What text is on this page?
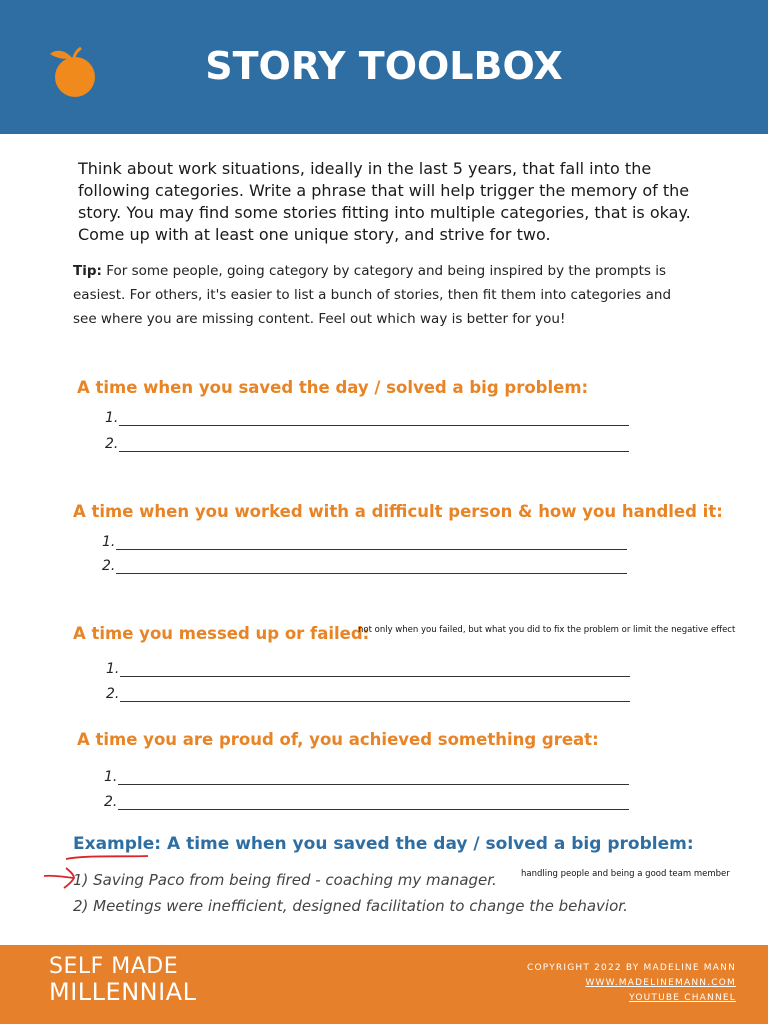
STORY TOOLBOX
Think about work situations, ideally in the last 5 years, that fall into the following categories. Write a phrase that will help trigger the memory of the story. You may find some stories fitting into multiple categories, that is okay. Come up with at least one unique story, and strive for two.
Tip: For some people, going category by category and being inspired by the prompts is easiest. For others, it's easier to list a bunch of stories, then fit them into categories and see where you are missing content. Feel out which way is better for you!
A time when you saved the day / solved a big problem:
1.
2.
A time when you worked with a difficult person & how you handled it:
1.
2.
A time you messed up or failed:
not only when you failed, but what you did to fix the problem or limit the negative effect
1.
2.
A time you are proud of, you achieved something great:
1.
2.
Example: A time when you saved the day / solved a big problem:
1) Saving Paco from being fired - coaching my manager.	handling people and being a good team member
2) Meetings were inefficient, designed facilitation to change the behavior.
SELF MADE
MILLENNIAL
COPYRIGHT 2022 BY MADELINE MANN
WWW.MADELINEMANN.COM
YOUTUBE CHANNEL
